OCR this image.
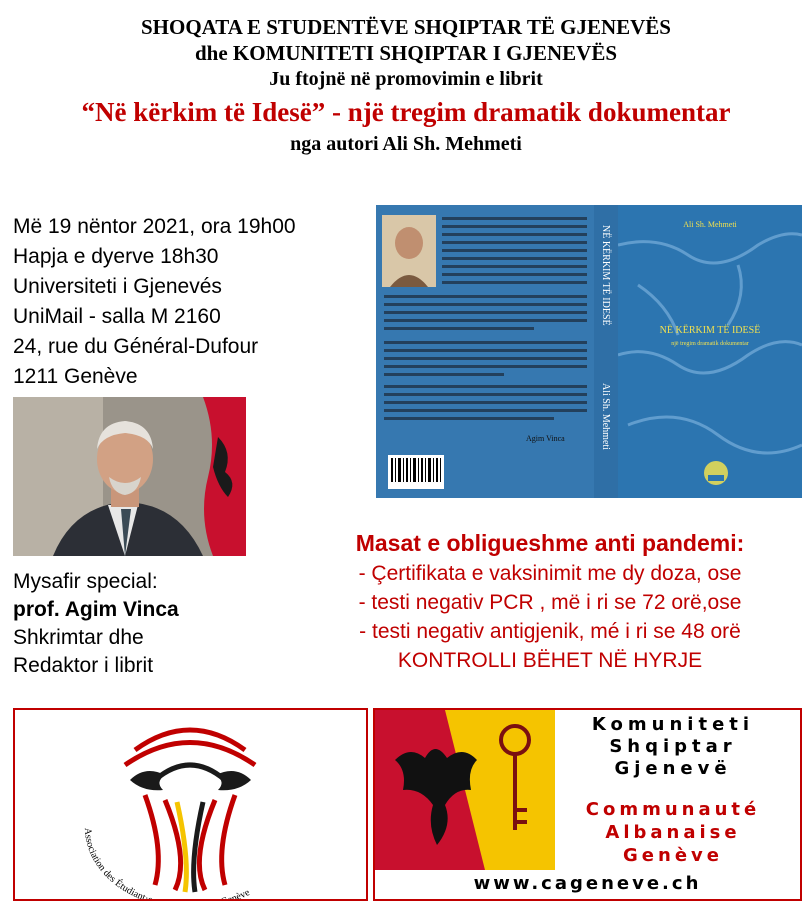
SHOQATA E STUDENTËVE SHQIPTAR TË GJENEVËS
dhe KOMUNITETI SHQIPTAR I GJENEVËS
Ju ftojnë në promovimin e librit
“Në kërkim të Idesë” - një tregim dramatik dokumentar
nga autori Ali Sh. Mehmeti
Më 19 nëntor 2021, ora 19h00
Hapja e dyerve 18h30
Universiteti i Gjenevés
UniMail - salla M 2160
24, rue du Général-Dufour
1211 Genève
Mysafir special:
prof. Agim Vinca
Shkrimtar dhe
Redaktor i librit
Agim Vinca
NË KËRKIM TË IDESË
Ali Sh. Mehmeti
Ali Sh. Mehmeti
NË KËRKIM TË IDESË
një tregim dramatik dokumentar
Masat e obligueshme anti pandemi:
- Çertifikata e vaksinimit me dy doza, ose
- testi negativ PCR , më i ri se 72 orë,ose
- testi negativ antigjenik, mé i ri se 48 orë
KONTROLLI BËHET NË HYRJE
Association des Étudiant· nève
Komuniteti
Shqiptar
Gjenevë
Communauté
Albanaise
Genève
www.cageneve.ch
